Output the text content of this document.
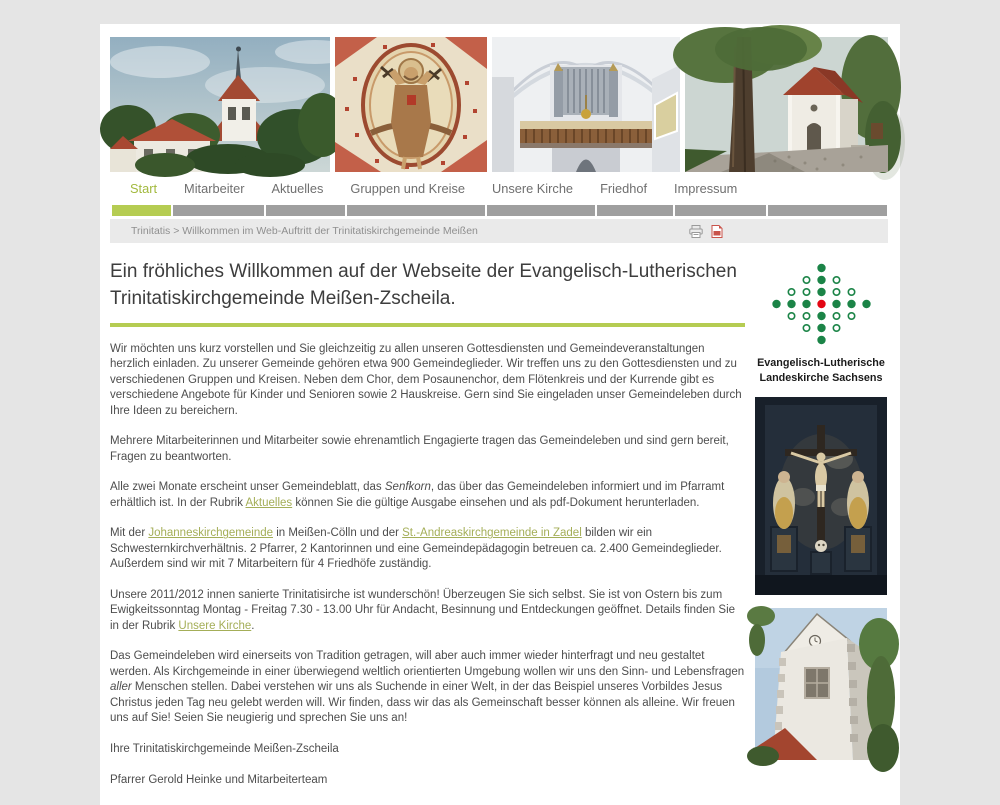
Start Mitarbeiter Aktuelles Gruppen und Kreise Unsere Kirche Friedhof Impressum
Trinitatis > Willkommen im Web-Auftritt der Trinitatiskirchgemeinde Meißen
Ein fröhliches Willkommen auf der Webseite der Evangelisch-Lutherischen Trinitatiskirchgemeinde Meißen-Zscheila.

Wir möchten uns kurz vorstellen und Sie gleichzeitig zu allen unseren Gottesdiensten und Gemeindeveranstaltungen herzlich einladen. Zu unserer Gemeinde gehören etwa 900 Gemeindeglieder. Wir treffen uns zu den Gottesdiensten und zu verschiedenen Gruppen und Kreisen. Neben dem Chor, dem Posaunenchor, dem Flötenkreis und der Kurrende gibt es verschiedene Angebote für Kinder und Senioren sowie 2 Hauskreise. Gern sind Sie eingeladen unser Gemeindeleben durch Ihre Ideen zu bereichern.

Mehrere Mitarbeiterinnen und Mitarbeiter sowie ehrenamtlich Engagierte tragen das Gemeindeleben und sind gern bereit, Fragen zu beantworten.

Alle zwei Monate erscheint unser Gemeindeblatt, das Senfkorn, das über das Gemeindeleben informiert und im Pfarramt erhältlich ist. In der Rubrik Aktuelles können Sie die gültige Ausgabe einsehen und als pdf-Dokument herunterladen.

Mit der Johanneskirchgemeinde in Meißen-Cölln und der St.-Andreaskirchgemeinde in Zadel bilden wir ein Schwesternkirchverhältnis. 2 Pfarrer, 2 Kantorinnen und eine Gemeindepädagogin betreuen ca. 2.400 Gemeindeglieder. Außerdem sind wir mit 7 Mitarbeitern für 4 Friedhöfe zuständig.

Unsere 2011/2012 innen sanierte Trinitatisirche ist wunderschön! Überzeugen Sie sich selbst. Sie ist von Ostern bis zum Ewigkeitssonntag Montag - Freitag 7.30 - 13.00 Uhr für Andacht, Besinnung und Entdeckungen geöffnet. Details finden Sie in der Rubrik Unsere Kirche.

Das Gemeindeleben wird einerseits von Tradition getragen, will aber auch immer wieder hinterfragt und neu gestaltet werden. Als Kirchgemeinde in einer überwiegend weltlich orientierten Umgebung wollen wir uns den Sinn- und Lebensfragen aller Menschen stellen. Dabei verstehen wir uns als Suchende in einer Welt, in der das Beispiel unseres Vorbildes Jesus Christus jeden Tag neu gelebt werden will. Wir finden, dass wir das als Gemeinschaft besser können als alleine. Wir freuen uns auf Sie! Seien Sie neugierig und sprechen Sie uns an!

Ihre Trinitatiskirchgemeinde Meißen-Zscheila

Pfarrer Gerold Heinke und Mitarbeiterteam

Evangelisch-Lutherische
Landeskirche Sachsens
